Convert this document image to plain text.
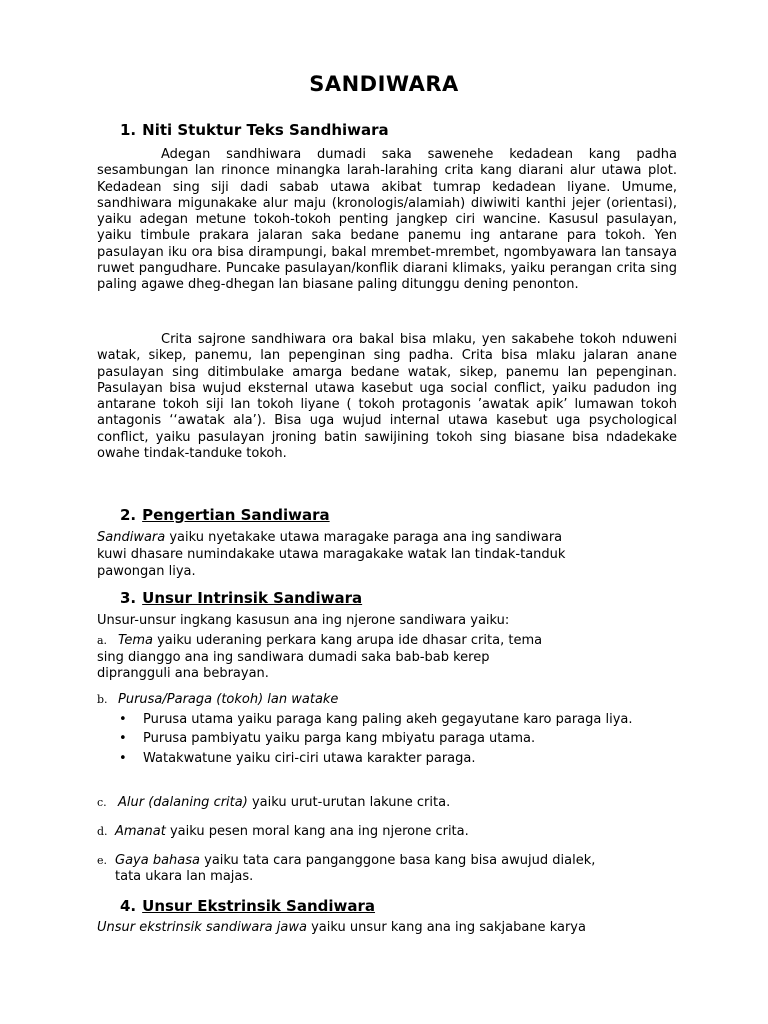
SANDIWARA
1. Niti Stuktur Teks Sandhiwara
Adegan sandhiwara dumadi saka sawenehe kedadean kang padha sesambungan lan rinonce minangka larah-larahing crita kang diarani alur utawa plot. Kedadean sing siji dadi sabab utawa akibat tumrap kedadean liyane. Umume, sandhiwara migunakake alur maju (kronologis/alamiah) diwiwiti kanthi jejer (orientasi), yaiku adegan metune tokoh-tokoh penting jangkep ciri wancine. Kasusul pasulayan, yaiku timbule prakara jalaran saka bedane panemu ing antarane para tokoh. Yen pasulayan iku ora bisa dirampungi, bakal mrembet-mrembet, ngombyawara lan tansaya ruwet pangudhare. Puncake pasulayan/konflik diarani klimaks, yaiku perangan crita sing paling agawe dheg-dhegan lan biasane paling ditunggu dening penonton.
Crita sajrone sandhiwara ora bakal bisa mlaku, yen sakabehe tokoh nduweni watak, sikep, panemu, lan pepenginan sing padha. Crita bisa mlaku jalaran anane pasulayan sing ditimbulake amarga bedane watak, sikep, panemu lan pepenginan. Pasulayan bisa wujud eksternal utawa kasebut uga social conflict, yaiku padudon ing antarane tokoh siji lan tokoh liyane ( tokoh protagonis ’awatak apik’ lumawan tokoh antagonis ‘‘awatak ala’). Bisa uga wujud internal utawa kasebut uga psychological conflict, yaiku pasulayan jroning batin sawijining tokoh sing biasane bisa ndadekake owahe tindak-tanduke tokoh.
2. Pengertian Sandiwara
Sandiwara yaiku nyetakake utawa maragake paraga ana ing sandiwara
kuwi dhasare numindakake utawa maragakake watak lan tindak-tanduk
pawongan liya.
3. Unsur Intrinsik Sandiwara
Unsur-unsur ingkang kasusun ana ing njerone sandiwara yaiku:
a. Tema yaiku uderaning perkara kang arupa ide dhasar crita, tema
sing dianggo ana ing sandiwara dumadi saka bab-bab kerep
diprangguli ana bebrayan.
b. Purusa/Paraga (tokoh) lan watake
• Purusa utama yaiku paraga kang paling akeh gegayutane karo paraga liya.
• Purusa pambiyatu yaiku parga kang mbiyatu paraga utama.
• Watakwatune yaiku ciri-ciri utawa karakter paraga.
c. Alur (dalaning crita) yaiku urut-urutan lakune crita.
d. Amanat yaiku pesen moral kang ana ing njerone crita.
e. Gaya bahasa yaiku tata cara panganggone basa kang bisa awujud dialek,
tata ukara lan majas.
4. Unsur Ekstrinsik Sandiwara
Unsur ekstrinsik sandiwara jawa yaiku unsur kang ana ing sakjabane karya
